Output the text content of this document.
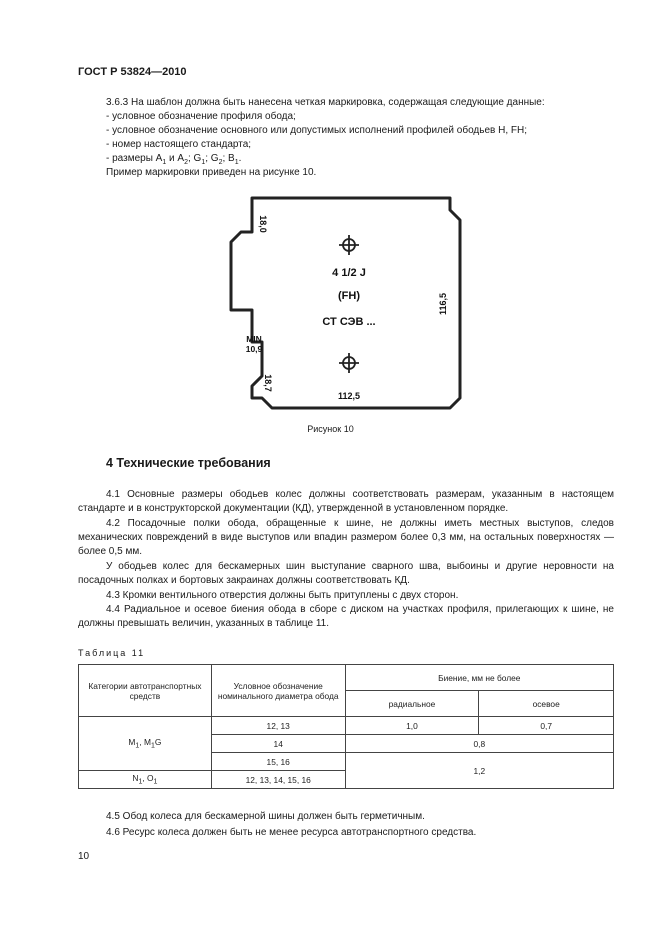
ГОСТ Р 53824—2010
3.6.3 На шаблон должна быть нанесена четкая маркировка, содержащая следующие данные:
- условное обозначение профиля обода;
- условное обозначение основного или допустимых исполнений профилей ободьев H, FH;
- номер настоящего стандарта;
- размеры $A_1$ и $A_2$; $G_1$; $G_2$; $B_1$.
Пример маркировки приведен на рисунке 10.
4 1/2 J
(FH)
СТ СЭВ ...
18,0
116,5
MIN
10,9
18,7
112,5
Рисунок 10
4 Технические требования
4.1 Основные размеры ободьев колес должны соответствовать размерам, указанным в настоящем стандарте и в конструкторской документации (КД), утвержденной в установленном порядке.
4.2 Посадочные полки обода, обращенные к шине, не должны иметь местных выступов, следов механических повреждений в виде выступов или впадин размером более 0,3 мм, на остальных поверхностях — более 0,5 мм.
У ободьев колес для бескамерных шин выступание сварного шва, выбоины и другие неровности на посадочных полках и бортовых закраинах должны соответствовать КД.
4.3 Кромки вентильного отверстия должны быть притуплены с двух сторон.
4.4 Радиальное и осевое биения обода в сборе с диском на участках профиля, прилегающих к шине, не должны превышать величин, указанных в таблице 11.
Таблица 11
Категории автотранспортных средств	Условное обозначение номинального диаметра обода	Биение, мм не более	
		радиальное	осевое
$M_1$, $M_1G$	12, 13	1,0	0,7
	14	0,8	
	15, 16	1,2	
$N_1$, $O_1$	12, 13, 14, 15, 16		
4.5 Обод колеса для бескамерной шины должен быть герметичным.
4.6 Ресурс колеса должен быть не менее ресурса автотранспортного средства.
10
